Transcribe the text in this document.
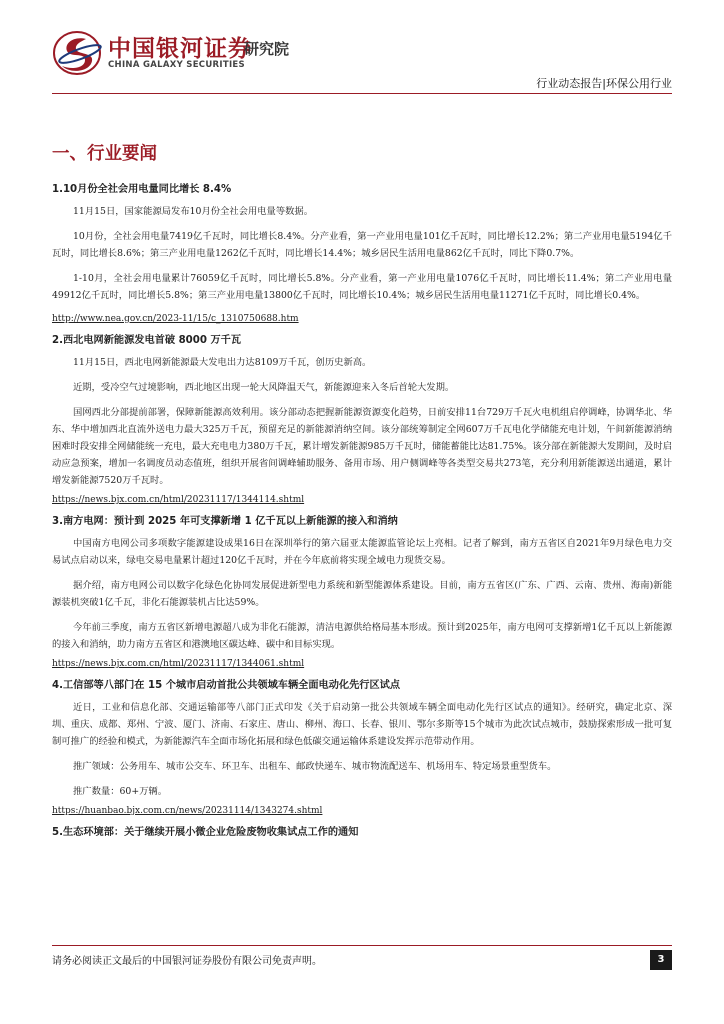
中国银河证券
CHINA GALAXY SECURITIES
研究院
行业动态报告|环保公用行业
一、行业要闻

1.10月份全社会用电量同比增长 8.4%

11月15日，国家能源局发布10月份全社会用电量等数据。

10月份，全社会用电量7419亿千瓦时，同比增长8.4%。分产业看，第一产业用电量101亿千瓦时，同比增长12.2%；第二产业用电量5194亿千瓦时，同比增长8.6%；第三产业用电量1262亿千瓦时，同比增长14.4%；城乡居民生活用电量862亿千瓦时，同比下降0.7%。

1-10月，全社会用电量累计76059亿千瓦时，同比增长5.8%。分产业看，第一产业用电量1076亿千瓦时，同比增长11.4%；第二产业用电量49912亿千瓦时，同比增长5.8%；第三产业用电量13800亿千瓦时，同比增长10.4%；城乡居民生活用电量11271亿千瓦时，同比增长0.4%。

http://www.nea.gov.cn/2023-11/15/c_1310750688.htm

2.西北电网新能源发电首破 8000 万千瓦

11月15日，西北电网新能源最大发电出力达8109万千瓦，创历史新高。

近期，受冷空气过境影响，西北地区出现一轮大风降温天气，新能源迎来入冬后首轮大发期。

国网西北分部提前部署，保障新能源高效利用。该分部动态把握新能源资源变化趋势，日前安排11台729万千瓦火电机组启停调峰，协调华北、华东、华中增加西北直流外送电力最大325万千瓦，预留充足的新能源消纳空间。该分部统筹制定全网607万千瓦电化学储能充电计划，午间新能源消纳困难时段安排全网储能统一充电，最大充电电力380万千瓦，累计增发新能源985万千瓦时，储能蓄能比达81.75%。该分部在新能源大发期间，及时启动应急预案，增加一名调度员动态值班，组织开展省间调峰辅助服务、备用市场、用户侧调峰等各类型交易共273笔，充分利用新能源送出通道，累计增发新能源7520万千瓦时。

https://news.bjx.com.cn/html/20231117/1344114.shtml

3.南方电网：预计到 2025 年可支撑新增 1 亿千瓦以上新能源的接入和消纳

中国南方电网公司多项数字能源建设成果16日在深圳举行的第六届亚太能源监管论坛上亮相。记者了解到，南方五省区自2021年9月绿色电力交易试点启动以来，绿电交易电量累计超过120亿千瓦时，并在今年底前将实现全域电力现货交易。

据介绍，南方电网公司以数字化绿色化协同发展促进新型电力系统和新型能源体系建设。目前，南方五省区(广东、广西、云南、贵州、海南)新能源装机突破1亿千瓦，非化石能源装机占比达59%。

今年前三季度，南方五省区新增电源超八成为非化石能源，清洁电源供给格局基本形成。预计到2025年，南方电网可支撑新增1亿千瓦以上新能源的接入和消纳，助力南方五省区和港澳地区碳达峰、碳中和目标实现。

https://news.bjx.com.cn/html/20231117/1344061.shtml

4.工信部等八部门在 15 个城市启动首批公共领域车辆全面电动化先行区试点

近日，工业和信息化部、交通运输部等八部门正式印发《关于启动第一批公共领域车辆全面电动化先行区试点的通知》。经研究，确定北京、深圳、重庆、成都、郑州、宁波、厦门、济南、石家庄、唐山、柳州、海口、长春、银川、鄂尔多斯等15个城市为此次试点城市，鼓励探索形成一批可复制可推广的经验和模式，为新能源汽车全面市场化拓展和绿色低碳交通运输体系建设发挥示范带动作用。

推广领域：公务用车、城市公交车、环卫车、出租车、邮政快递车、城市物流配送车、机场用车、特定场景重型货车。

推广数量：60+万辆。

https://huanbao.bjx.com.cn/news/20231114/1343274.shtml

5.生态环境部：关于继续开展小微企业危险废物收集试点工作的通知

请务必阅读正文最后的中国银河证券股份有限公司免责声明。	3
